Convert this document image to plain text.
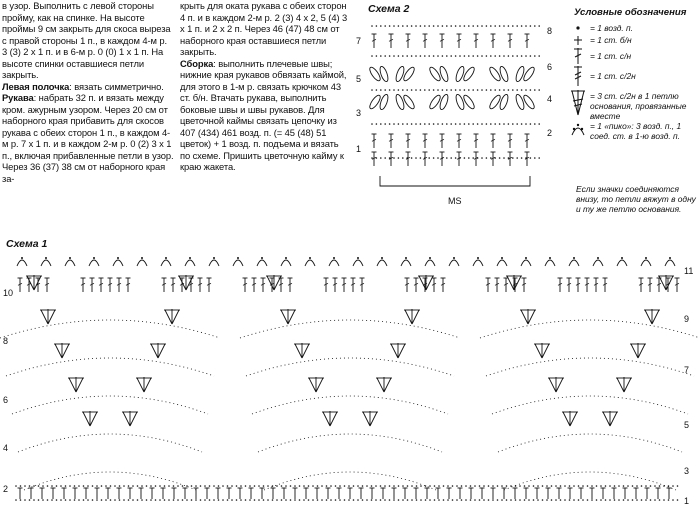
в узор. Выполнить с левой стороны пройму, как на спинке. На высоте проймы 9 см закрыть для скоса выреза с правой стороны 1 п., в каждом 4-м р. 3 (3) 2 х 1 п. и в 6-м р. 0 (0) 1 х 1 п. На высоте спинки оставшиеся петли закрыть.

Левая полочка: вязать симметрично.

Рукава: набрать 32 п. и вязать между кром. ажурным узором. Через 20 см от наборного края прибавить для скосов рукава с обеих сторон 1 п., в каждом 4-м р. 7 х 1 п. и в каждом 2-м р. 0 (2) 3 х 1 п., включая прибавленные петли в узор. Через 36 (37) 38 см от наборного края за-

крыть для оката рукава с обеих сторон 4 п. и в каждом 2-м р. 2 (3) 4 х 2, 5 (4) 3 х 1 п. и 2 х 2 п. Через 46 (47) 48 см от наборного края оставшиеся петли закрыть.

Сборка: выполнить плечевые швы; нижние края рукавов обвязать каймой, для этого в 1-м р. связать крючком 43 ст. б/н. Втачать рукава, выполнить боковые швы и швы рукавов. Для цветочной каймы связать цепочку из 407 (434) 461 возд. п. (= 45 (48) 51 цветок) + 1 возд. п. подъема и вязать по схеме. Пришить цветочную кайму к краю жакета.

Схема 2
7
5
3
1
8
6
4
2
MS
Условные обозначения
= 1 возд. п.
= 1 ст. б/н
= 1 ст. с/н
= 1 ст. с/2н
= 3 ст. с/2н в 1 петлю основания, провязанные вместе
= 1 «пико»: 3 возд. п., 1 соед. ст. в 1-ю возд. п.
Если значки соединяются внизу, то петли вяжут в одну и ту же петлю основания.
Схема 1
10
8
6
4
2
11
9
7
5
3
1
